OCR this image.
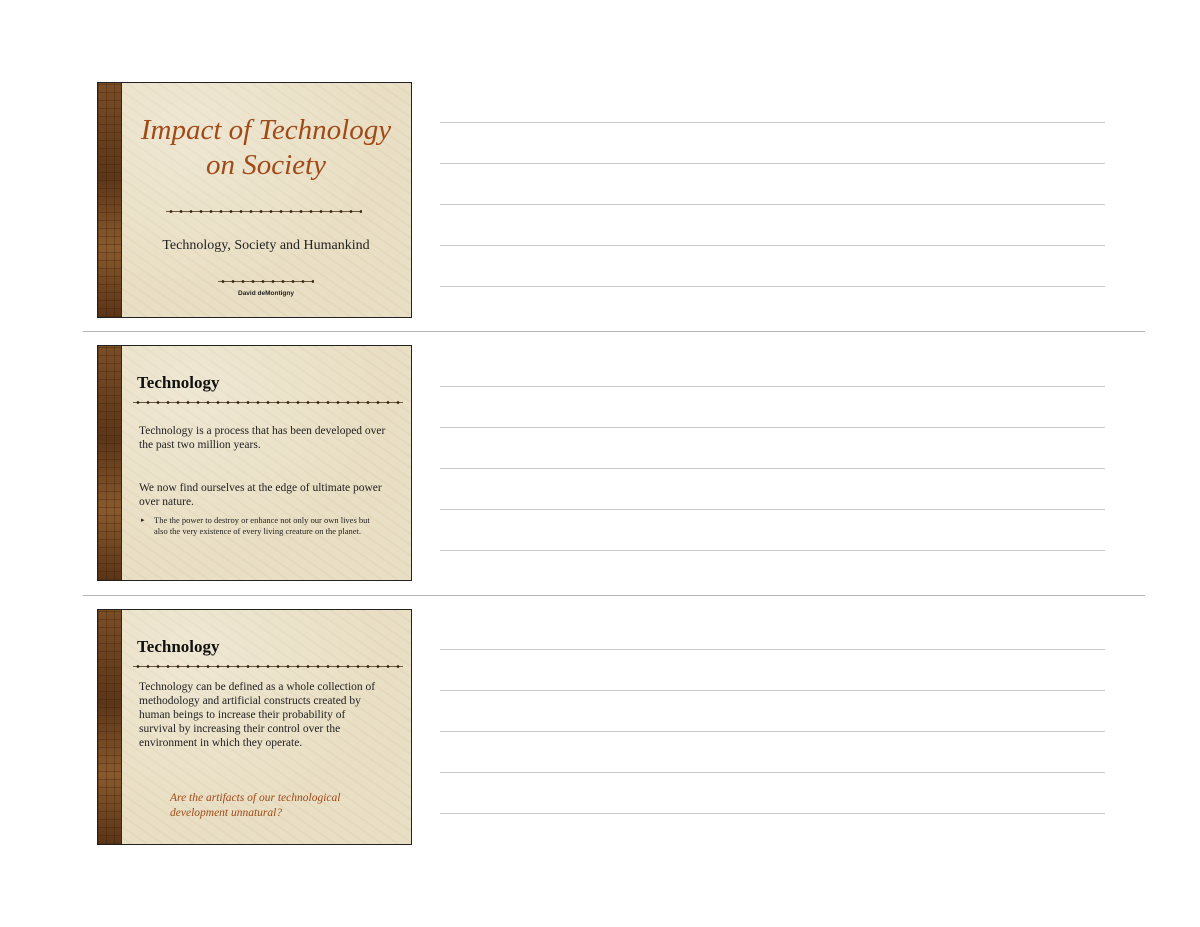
Impact of Technology
on Society
Technology, Society and Humankind
David deMontigny
Technology
Technology is a process that has been developed over the past two million years.
We now find ourselves at the edge of ultimate power over nature.
▸ The the power to destroy or enhance not only our own lives but also the very existence of every living creature on the planet.
Technology
Technology can be defined as a whole collection of methodology and artificial constructs created by human beings to increase their probability of survival by increasing their control over the environment in which they operate.
Are the artifacts of our technological development unnatural?
